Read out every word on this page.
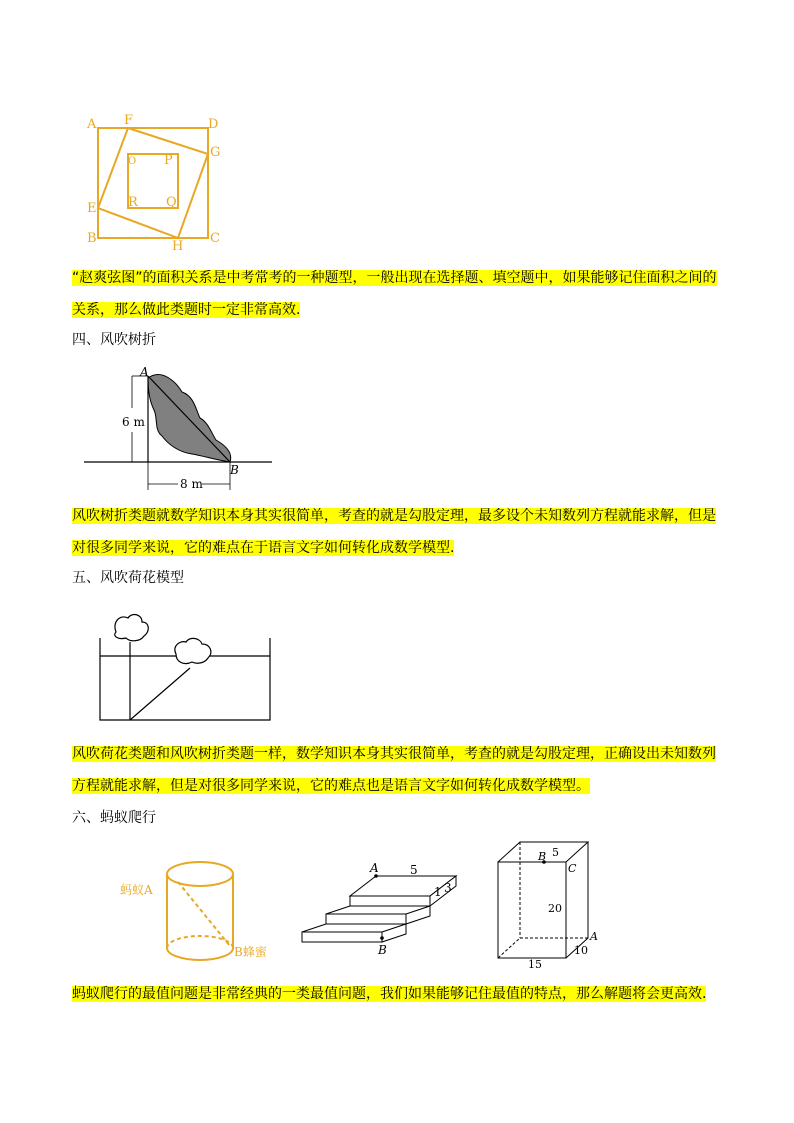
A F	D
O P
G
E R Q
B
H
C
“赵爽弦图”的面积关系是中考常考的一种题型，一般出现在选择题、填空题中，如果能够记住面积之间的关系，那么做此类题时一定非常高效.
四、风吹树折
A
B
6 m
8 m
风吹树折类题就数学知识本身其实很简单，考查的就是勾股定理，最多设个未知数列方程就能求解，但是对很多同学来说，它的难点在于语言文字如何转化成数学模型.
五、风吹荷花模型
风吹荷花类题和风吹树折类题一样，数学知识本身其实很简单，考查的就是勾股定理，正确设出未知数列方程就能求解，但是对很多同学来说，它的难点也是语言文字如何转化成数学模型。
六、蚂蚁爬行
蚂蚁A
B蜂蜜
A
B
5
1 3
B 5
C
20
A
10
15
蚂蚁爬行的最值问题是非常经典的一类最值问题，我们如果能够记住最值的特点，那么解题将会更高效.
